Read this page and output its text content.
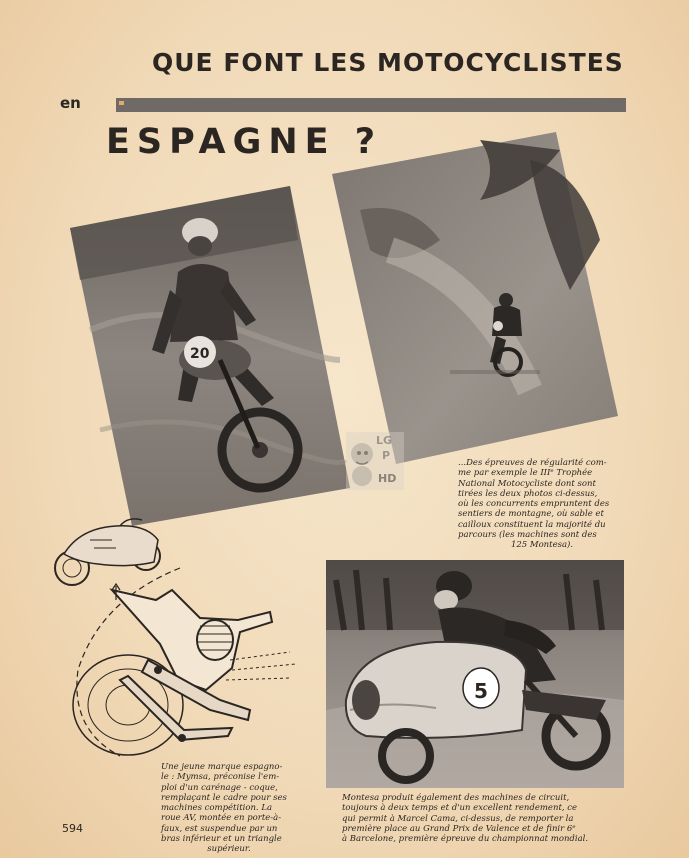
QUE FONT LES MOTOCYCLISTES
en
ESPAGNE ?
20
LG
P
HD
...Des épreuves de régularité com-
me par exemple le IIIᵉ Trophée
National Motocycliste dont sont
tirées les deux photos ci-dessus,
où les concurrents empruntent des
sentiers de montagne, où sable et
cailloux constituent la majorité du
parcours (les machines sont des
125 Montesa).
5
Une jeune marque espagno-
le : Mymsa, préconise l'em-
ploi d'un carénage - coque,
remplaçant le cadre pour ses
machines compétition. La
roue AV, montée en porte-à-
faux, est suspendue par un
bras inférieur et un triangle
supérieur.
Montesa produit également des machines de circuit,
toujours à deux temps et d'un excellent rendement, ce
qui permit à Marcel Cama, ci-dessus, de remporter la
première place au Grand Prix de Valence et de finir 6ᵉ
à Barcelone, première épreuve du championnat mondial.
594
